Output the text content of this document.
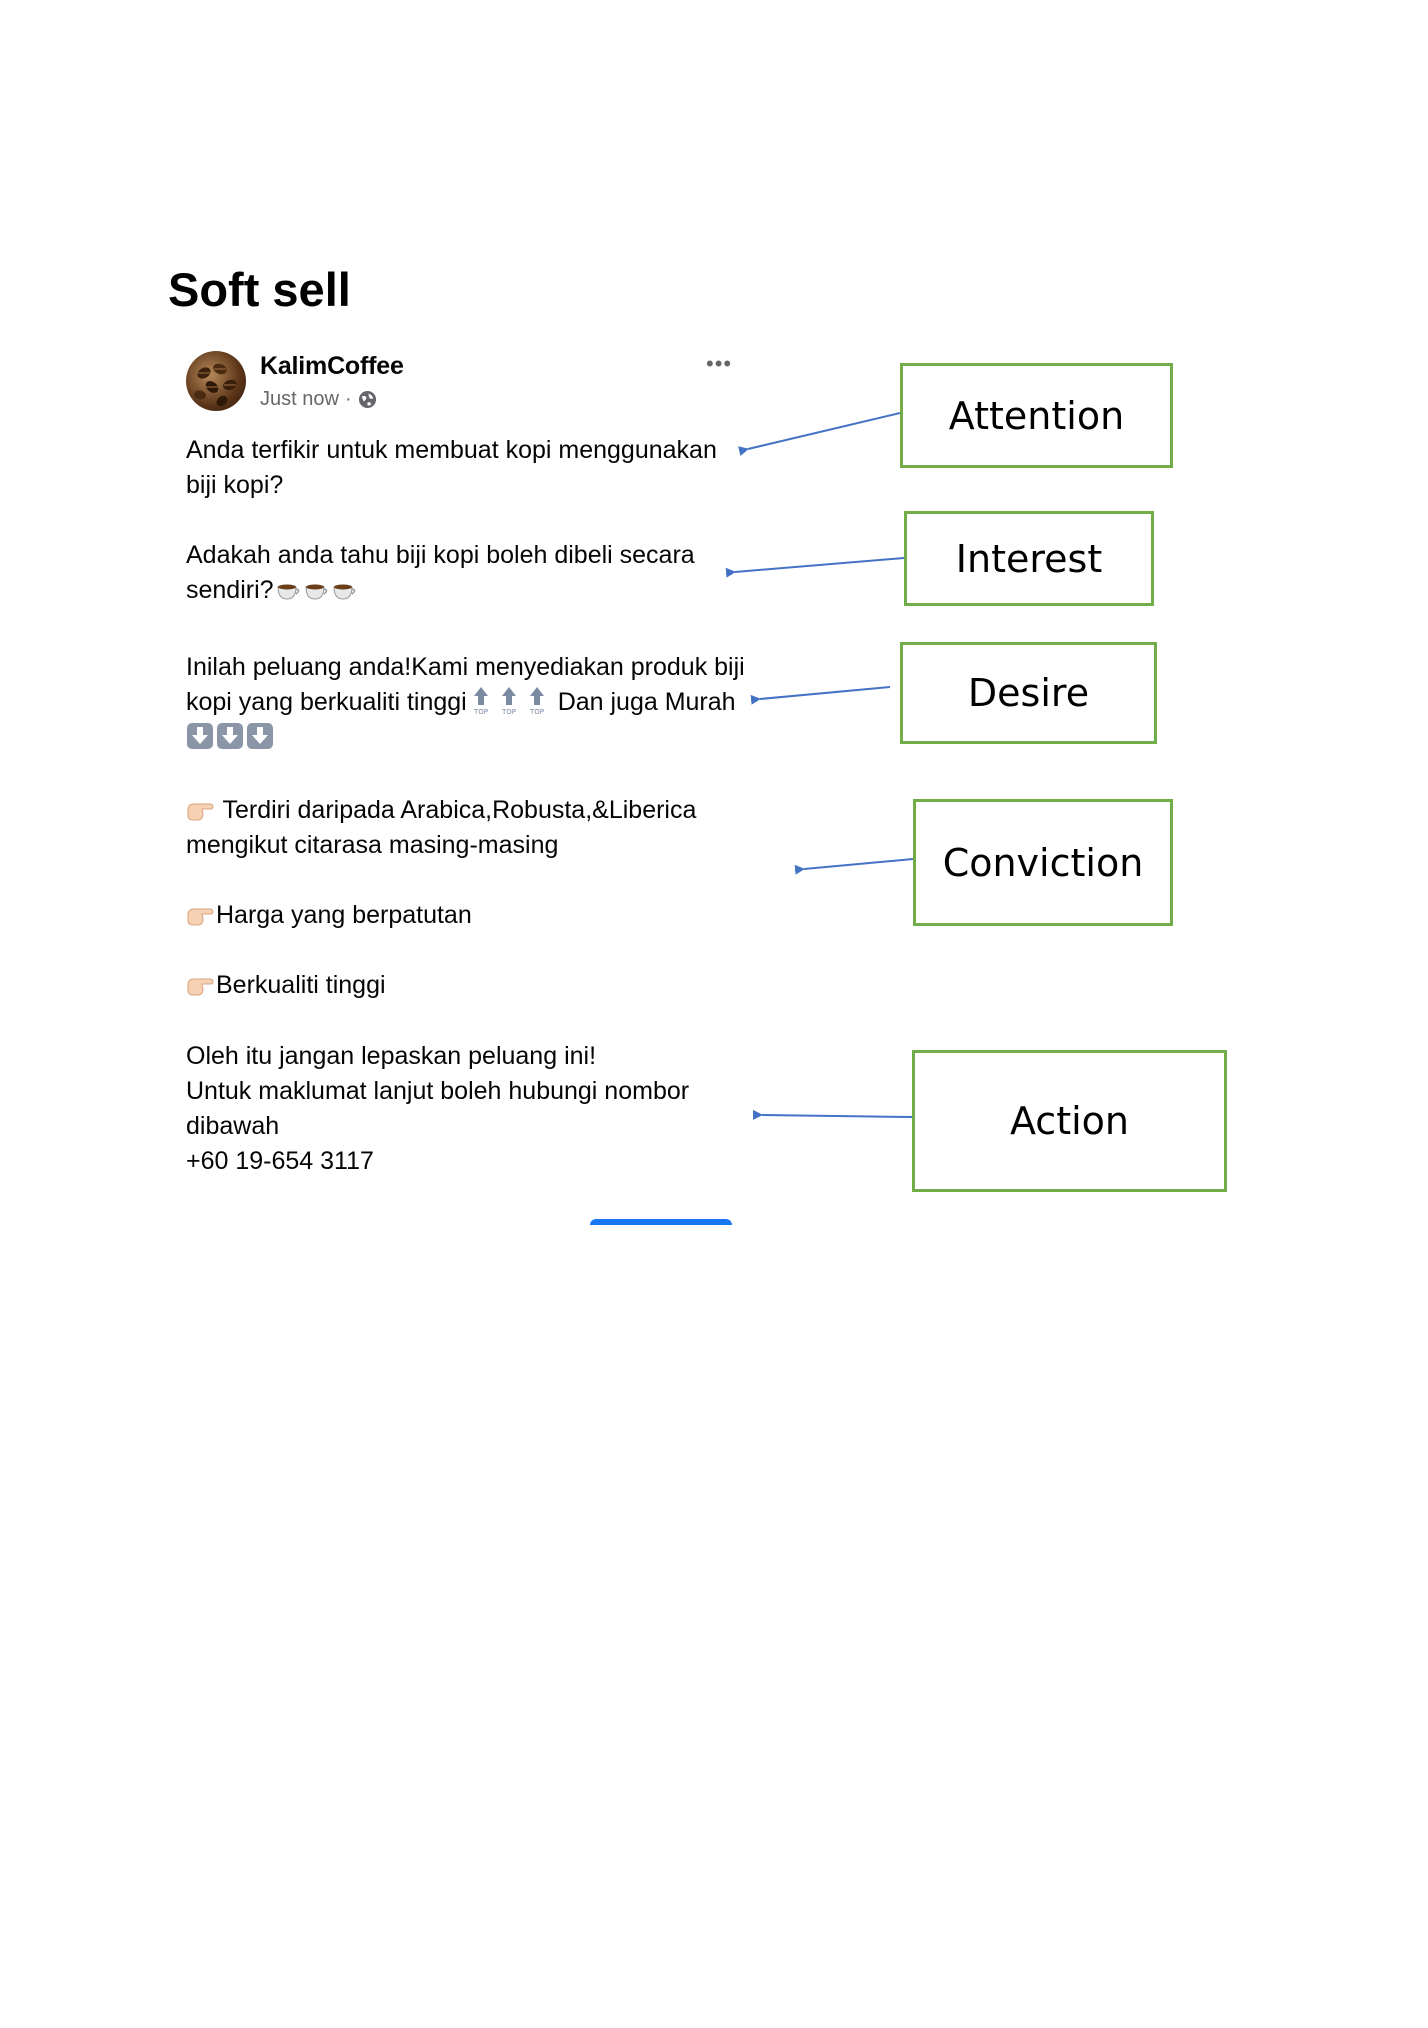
Soft sell
KalimCoffee
Just now ·
•••

Anda terfikir untuk membuat kopi menggunakan biji kopi?

Adakah anda tahu biji kopi boleh dibeli secara sendiri?

Inilah peluang anda!Kami menyediakan produk biji kopi yang berkualiti tinggi TOP TOP TOP Dan juga Murah

Terdiri daripada Arabica,Robusta,&Liberica mengikut citarasa masing-masing

Harga yang berpatutan

Berkualiti tinggi

Oleh itu jangan lepaskan peluang ini!
Untuk maklumat lanjut boleh hubungi nombor dibawah
+60 19-654 3117

Attention
Interest
Desire
Conviction
Action
